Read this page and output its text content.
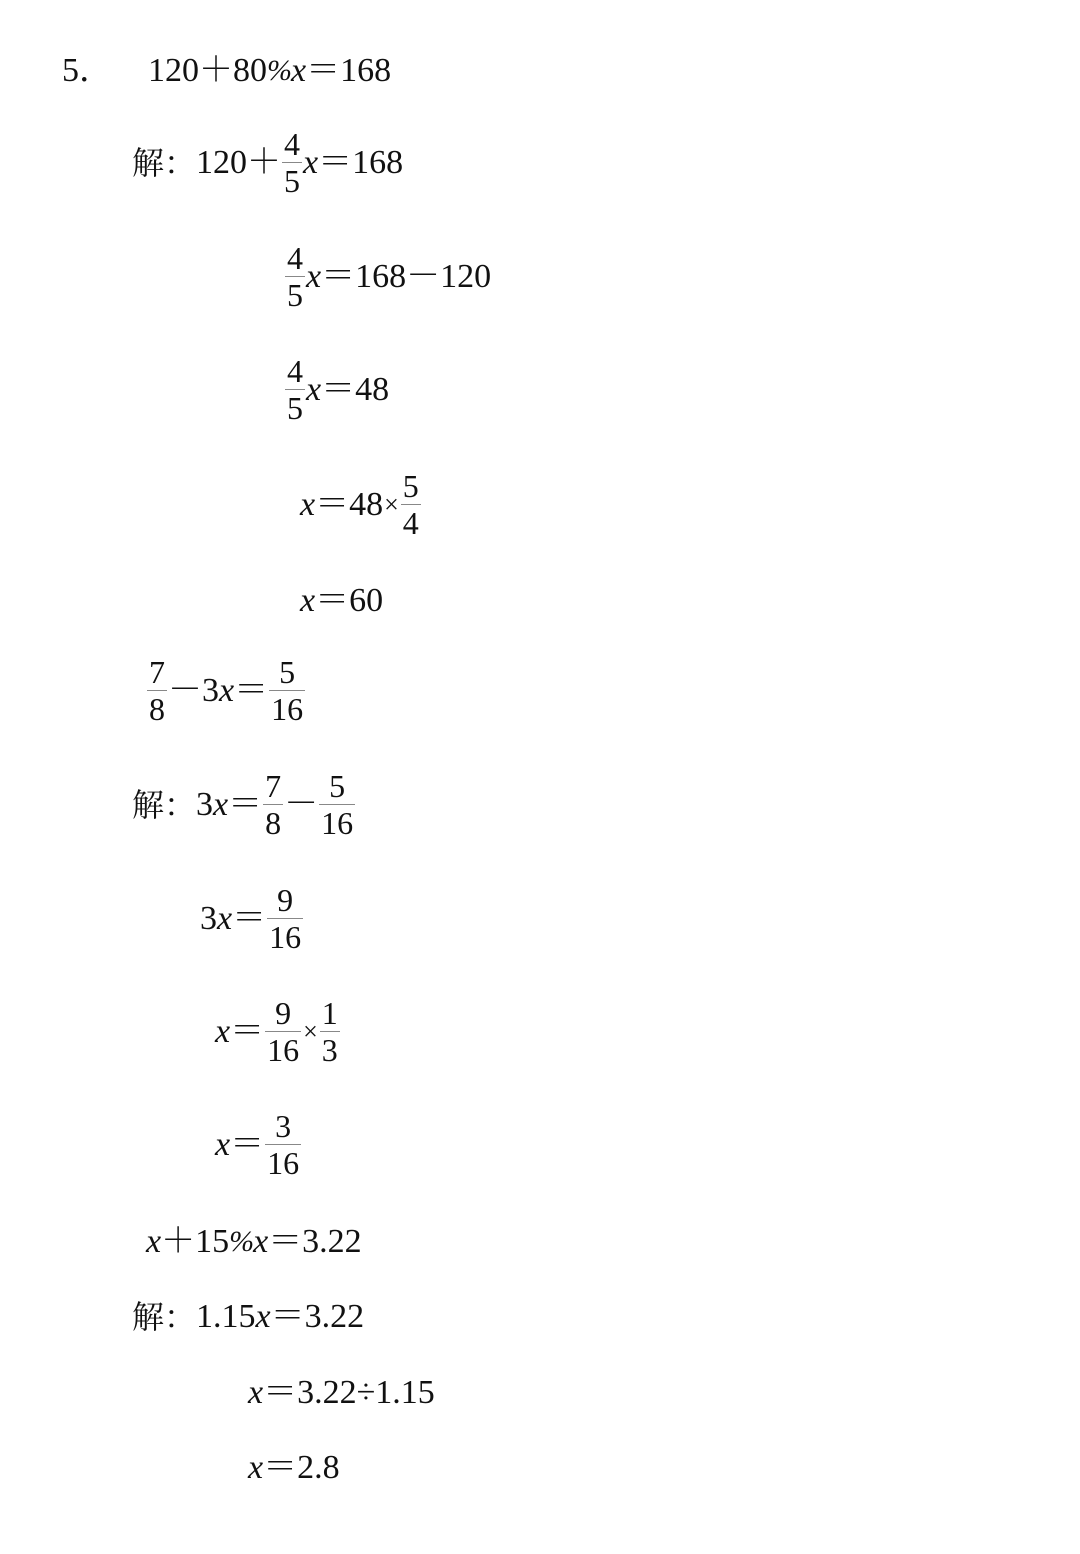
5． 120＋80 % x ＝168
解： $120+ \frac{4}{5}$ x ＝168
$\frac{4}{5}$ x ＝168－120
$\frac{4}{5}$ x ＝48
$x =48 \times \frac{5}{4}$
x ＝60
$\frac{7}{8} -3$ $x = \frac{5}{16}$
解： 3 $x = \frac{7}{8} - \frac{5}{16}$
3 $x = \frac{9}{16}$
$x = \frac{9}{16} \times \frac{1}{3}$
$x = \frac{3}{16}$
x ＋15 % x ＝3.22
解： 1.15 x ＝3.22
x ＝3.22÷1.15
x ＝2.8
